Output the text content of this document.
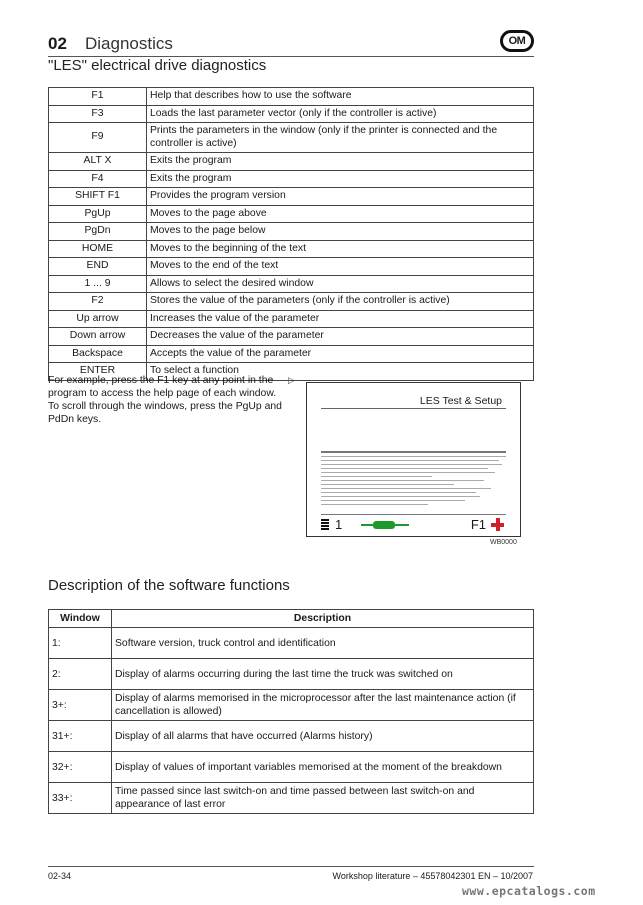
02 Diagnostics	OM
"LES" electrical drive diagnostics
F1	Help that describes how to use the software
F3	Loads the last parameter vector (only if the controller is active)
F9	Prints the parameters in the window (only if the printer is connected and the controller is active)
ALT X	Exits the program
F4	Exits the program
SHIFT F1	Provides the program version
PgUp	Moves to the page above
PgDn	Moves to the page below
HOME	Moves to the beginning of the text
END	Moves to the end of the text
1 ... 9	Allows to select the desired window
F2	Stores the value of the parameters (only if the controller is active)
Up arrow	Increases the value of the parameter
Down arrow	Decreases the value of the parameter
Backspace	Accepts the value of the parameter
ENTER	To select a function
For example, press the F1 key at any point in the program to access the help page of each window. To scroll through the windows, press the PgUp and PdDn keys.
▷
LES Test & Setup
1	F1
WB0000
Description of the software functions
Window	Description
1:	Software version, truck control and identification
2:	Display of alarms occurring during the last time the truck was switched on
3+:	Display of alarms memorised in the microprocessor after the last maintenance action (if cancellation is allowed)
31+:	Display of all alarms that have occurred (Alarms history)
32+:	Display of values of important variables memorised at the moment of the breakdown
33+:	Time passed since last switch-on and time passed between last switch-on and appearance of last error
02-34	Workshop literature – 45578042301 EN – 10/2007
www.epcatalogs.com
